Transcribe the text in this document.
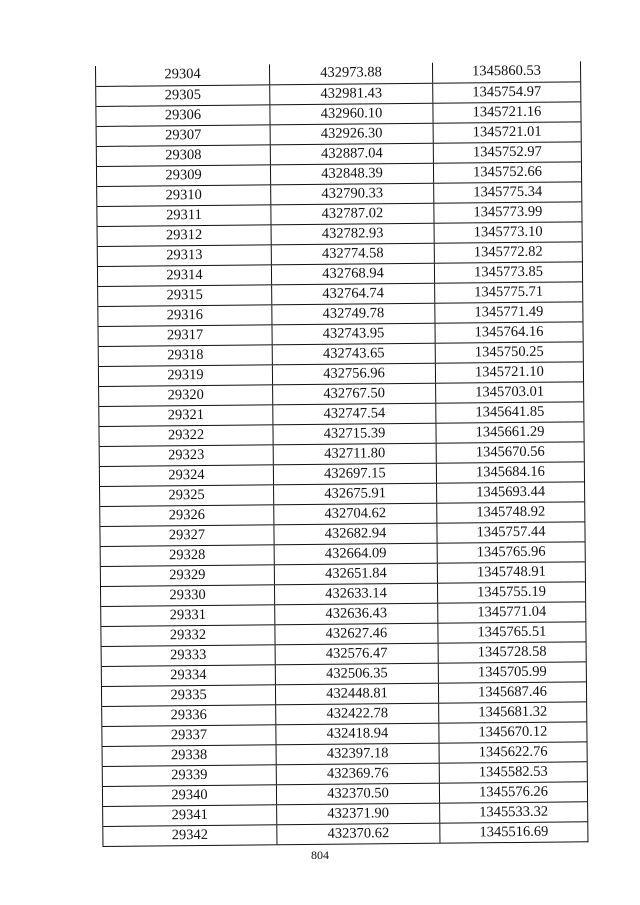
29304	432973.88	1345860.53
29305	432981.43	1345754.97
29306	432960.10	1345721.16
29307	432926.30	1345721.01
29308	432887.04	1345752.97
29309	432848.39	1345752.66
29310	432790.33	1345775.34
29311	432787.02	1345773.99
29312	432782.93	1345773.10
29313	432774.58	1345772.82
29314	432768.94	1345773.85
29315	432764.74	1345775.71
29316	432749.78	1345771.49
29317	432743.95	1345764.16
29318	432743.65	1345750.25
29319	432756.96	1345721.10
29320	432767.50	1345703.01
29321	432747.54	1345641.85
29322	432715.39	1345661.29
29323	432711.80	1345670.56
29324	432697.15	1345684.16
29325	432675.91	1345693.44
29326	432704.62	1345748.92
29327	432682.94	1345757.44
29328	432664.09	1345765.96
29329	432651.84	1345748.91
29330	432633.14	1345755.19
29331	432636.43	1345771.04
29332	432627.46	1345765.51
29333	432576.47	1345728.58
29334	432506.35	1345705.99
29335	432448.81	1345687.46
29336	432422.78	1345681.32
29337	432418.94	1345670.12
29338	432397.18	1345622.76
29339	432369.76	1345582.53
29340	432370.50	1345576.26
29341	432371.90	1345533.32
29342	432370.62	1345516.69
804
